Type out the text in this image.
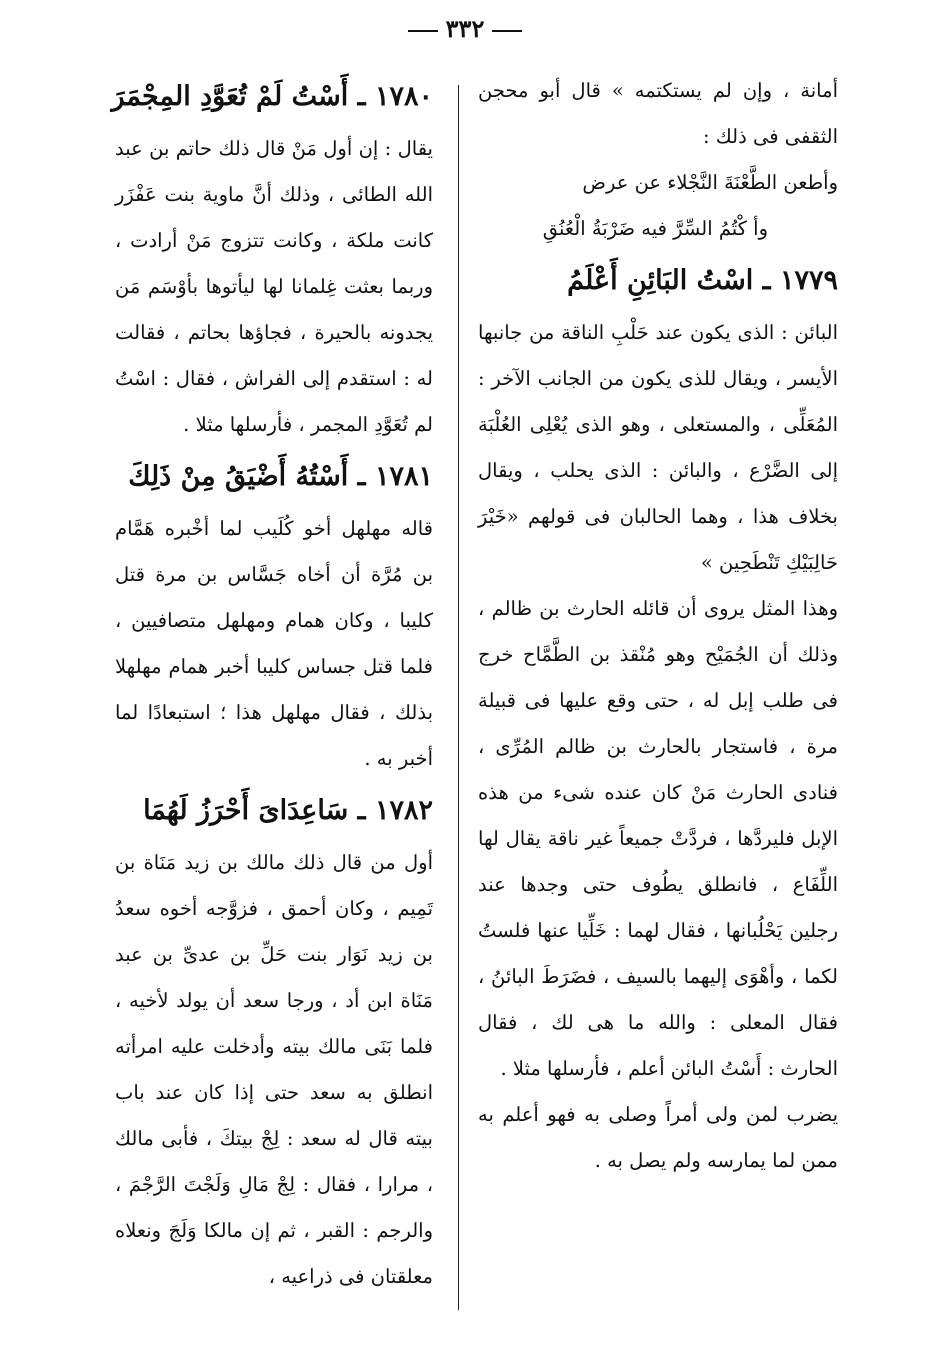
٣٣٢

أمانة ، وإن لم يستكتمه » قال أبو محجن الثقفى فى ذلك :

وأطعن الطَّعْنَةَ النَّجْلاء عن عرض

وأ كْتُمُ السِّرَّ فيه ضَرْبَةُ الْعُنُقِ

١٧٧٩ ـ اسْتُ البَائِنِ أَعْلَمُ

البائن : الذى يكون عند حَلْبِ الناقة من جانبها الأيسر ، ويقال للذى يكون من الجانب الآخر : المُعَلِّى ، والمستعلى ، وهو الذى يُعْلِى العُلْبَة إلى الضَّرْع ، والبائن : الذى يحلب ، ويقال بخلاف هذا ، وهما الحالبان فى قولهم «خَيْرَ حَالِبَيْكِ تَنْطَحِين »

وهذا المثل يروى أن قائله الحارث بن ظالم ، وذلك أن الجُمَيْح وهو مُنْقذ بن الطَّمَّاح خرج فى طلب إبل له ، حتى وقع عليها فى قبيلة مرة ، فاستجار بالحارث بن ظالم المُرِّى ، فنادى الحارث مَنْ كان عنده شىء من هذه الإبل فليردَّها ، فردَّتْ جميعاً غير ناقة يقال لها اللِّفَاع ، فانطلق يطُوف حتى وجدها عند رجلين يَحْلُبانها ، فقال لهما : خَلِّيا عنها فلستُ لكما ، وأهْوَى إليهما بالسيف ، فضَرَطَ البائنُ ، فقال المعلى : والله ما هى لك ، فقال الحارث : أَسْتُ البائن أعلم ، فأرسلها مثلا .

يضرب لمن ولى أمراً وصلى به فهو أعلم به ممن لما يمارسه ولم يصل به .

١٧٨٠ ـ أَسْتُ لَمْ تُعَوَّدِ المِجْمَرَ

يقال : إن أول مَنْ قال ذلك حاتم بن عبد الله الطائى ، وذلك أنَّ ماوية بنت عَفْزَر كانت ملكة ، وكانت تتزوج مَنْ أرادت ، وربما بعثت غِلمانا لها ليأتوها بأوْسَم مَن يجدونه بالحيرة ، فجاؤها بحاتم ، فقالت له : استقدم إلى الفراش ، فقال : اسْتُ لم تُعَوَّدِ المجمر ، فأرسلها مثلا .

١٧٨١ ـ أَسْتُهُ أَضْيَقُ مِنْ ذَلِكَ

قاله مهلهل أخو كُلَيب لما أخْبره هَمَّام بن مُرَّة أن أخاه جَسَّاس بن مرة قتل كليبا ، وكان همام ومهلهل متصافيين ، فلما قتل جساس كليبا أخبر همام مهلهلا بذلك ، فقال مهلهل هذا ؛ استبعادًا لما أخبر به .

١٧٨٢ ـ سَاعِدَاىَ أَحْرَزُ لَهُمَا

أول من قال ذلك مالك بن زيد مَنَاة بن تَمِيم ، وكان أحمق ، فزوَّجه أخوه سعدُ بن زيد نَوَار بنت حَلِّ بن عدىِّ بن عبد مَنَاة ابن أد ، ورجا سعد أن يولد لأخيه ، فلما بَنَى مالك بيته وأدخلت عليه امرأته انطلق به سعد حتى إذا كان عند باب بيته قال له سعد : لِجْ بيتكَ ، فأبى مالك ، مرارا ، فقال : لِجْ مَالِ وَلَجْتَ الرَّجْمَ ، والرجم : القبر ، ثم إن مالكا وَلَجَ ونعلاه معلقتان فى ذراعيه ،
